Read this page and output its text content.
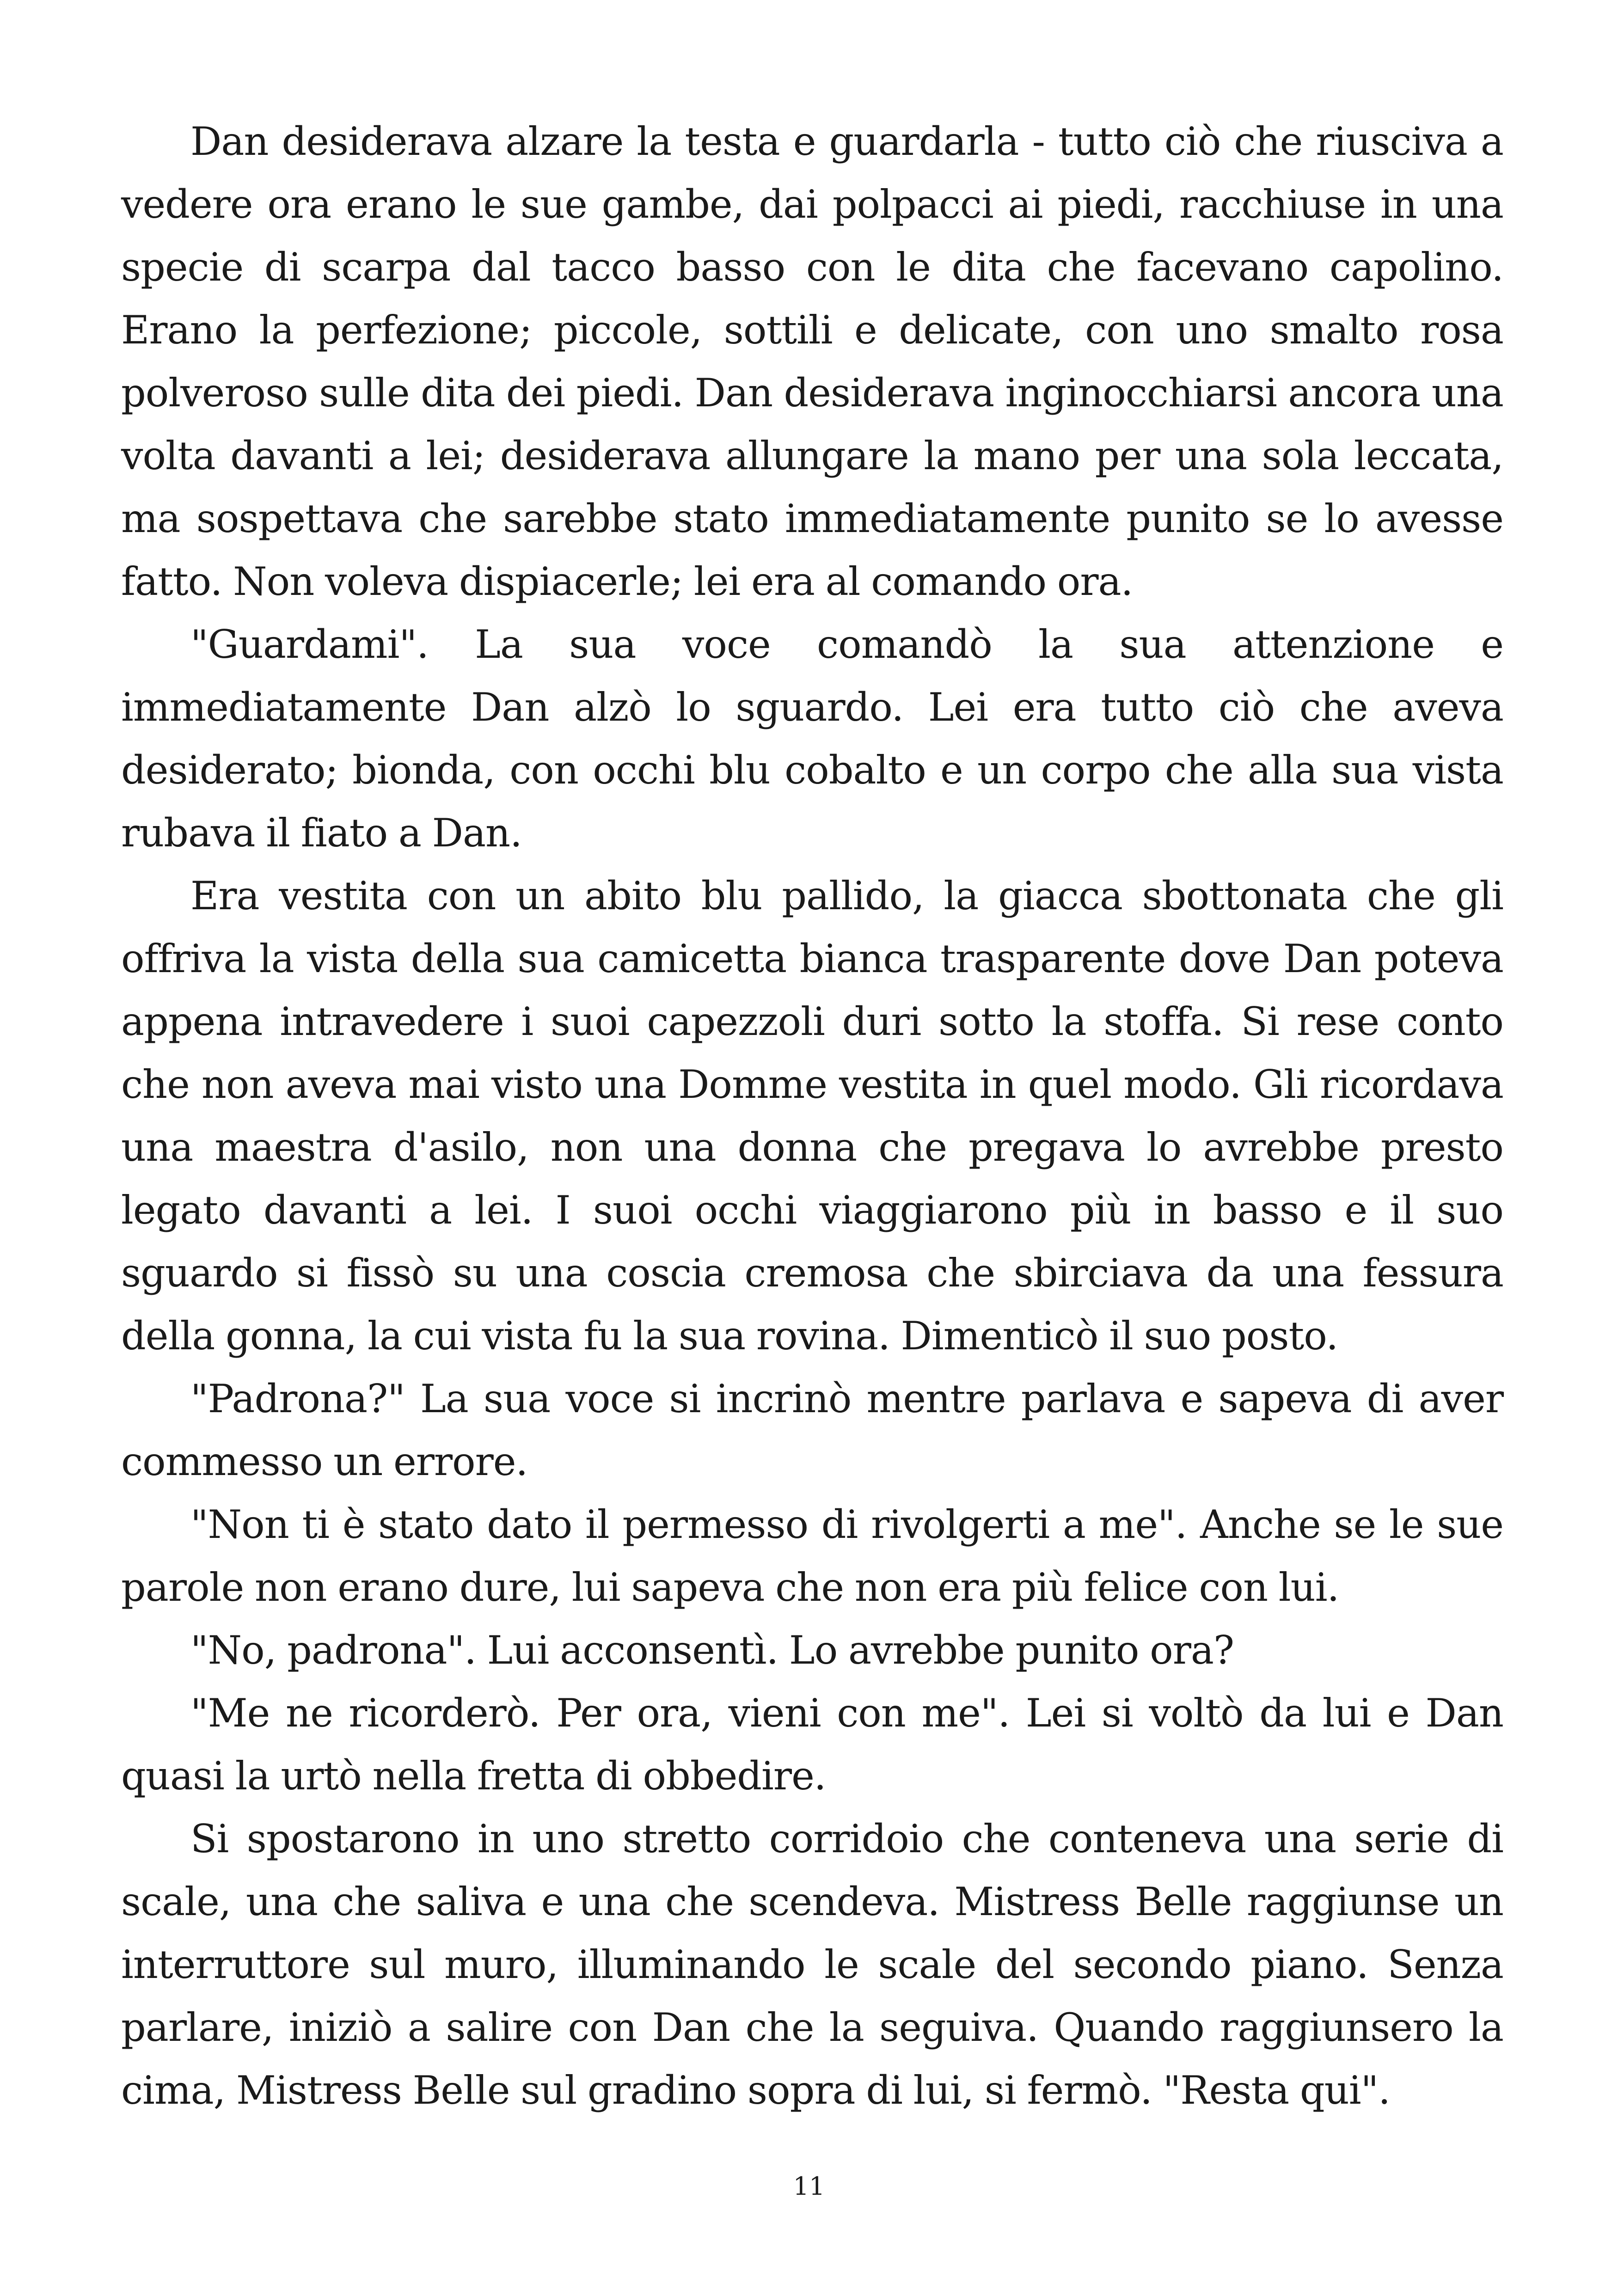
Dan desiderava alzare la testa e guardarla - tutto ciò che riusciva a vedere ora erano le sue gambe, dai polpacci ai piedi, racchiuse in una specie di scarpa dal tacco basso con le dita che facevano capolino. Erano la perfezione; piccole, sottili e delicate, con uno smalto rosa polveroso sulle dita dei piedi. Dan desiderava inginocchiarsi ancora una volta davanti a lei; desiderava allungare la mano per una sola leccata, ma sospettava che sarebbe stato immediatamente punito se lo avesse fatto. Non voleva dispiacerle; lei era al comando ora.

"Guardami". La sua voce comandò la sua attenzione e immediatamente Dan alzò lo sguardo. Lei era tutto ciò che aveva desiderato; bionda, con occhi blu cobalto e un corpo che alla sua vista rubava il fiato a Dan.

Era vestita con un abito blu pallido, la giacca sbottonata che gli offriva la vista della sua camicetta bianca trasparente dove Dan poteva appena intravedere i suoi capezzoli duri sotto la stoffa. Si rese conto che non aveva mai visto una Domme vestita in quel modo. Gli ricordava una maestra d'asilo, non una donna che pregava lo avrebbe presto legato davanti a lei. I suoi occhi viaggiarono più in basso e il suo sguardo si fissò su una coscia cremosa che sbirciava da una fessura della gonna, la cui vista fu la sua rovina. Dimenticò il suo posto.

"Padrona?" La sua voce si incrinò mentre parlava e sapeva di aver commesso un errore.

"Non ti è stato dato il permesso di rivolgerti a me". Anche se le sue parole non erano dure, lui sapeva che non era più felice con lui.

"No, padrona". Lui acconsentì. Lo avrebbe punito ora?

"Me ne ricorderò. Per ora, vieni con me". Lei si voltò da lui e Dan quasi la urtò nella fretta di obbedire.

Si spostarono in uno stretto corridoio che conteneva una serie di scale, una che saliva e una che scendeva. Mistress Belle raggiunse un interruttore sul muro, illuminando le scale del secondo piano. Senza parlare, iniziò a salire con Dan che la seguiva. Quando raggiunsero la cima, Mistress Belle sul gradino sopra di lui, si fermò. "Resta qui".

11
